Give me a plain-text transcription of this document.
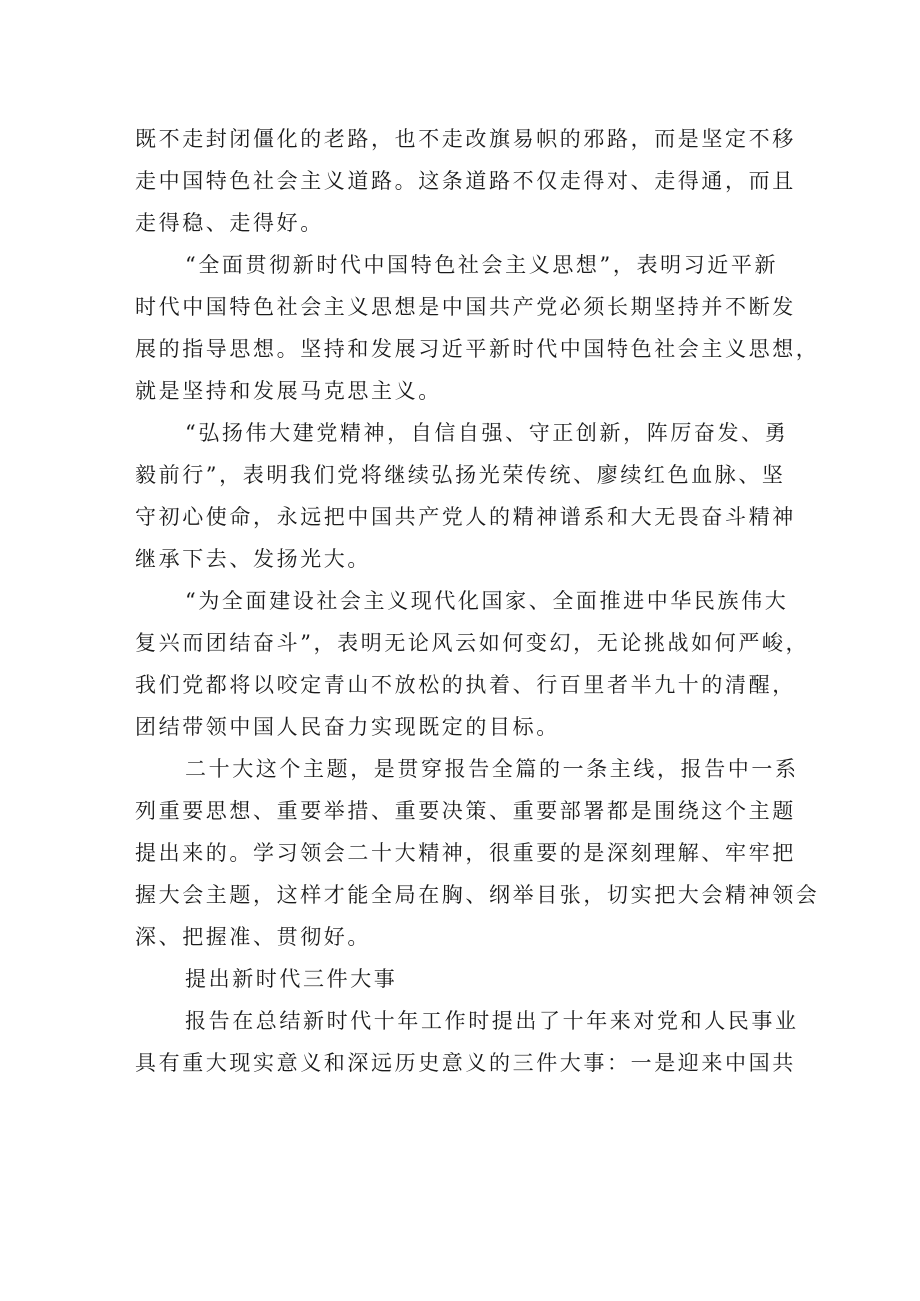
既不走封闭僵化的老路，也不走改旗易帜的邪路，而是坚定不移
走中国特色社会主义道路。这条道路不仅走得对、走得通，而且
走得稳、走得好。
“全面贯彻新时代中国特色社会主义思想”，表明习近平新
时代中国特色社会主义思想是中国共产党必须长期坚持并不断发
展的指导思想。坚持和发展习近平新时代中国特色社会主义思想，
就是坚持和发展马克思主义。
“弘扬伟大建党精神，自信自强、守正创新，阵厉奋发、勇
毅前行”，表明我们党将继续弘扬光荣传统、廖续红色血脉、坚
守初心使命，永远把中国共产党人的精神谱系和大无畏奋斗精神
继承下去、发扬光大。
“为全面建设社会主义现代化国家、全面推进中华民族伟大
复兴而团结奋斗”，表明无论风云如何变幻，无论挑战如何严峻，
我们党都将以咬定青山不放松的执着、行百里者半九十的清醒，
团结带领中国人民奋力实现既定的目标。
二十大这个主题，是贯穿报告全篇的一条主线，报告中一系
列重要思想、重要举措、重要决策、重要部署都是围绕这个主题
提出来的。学习领会二十大精神，很重要的是深刻理解、牢牢把
握大会主题，这样才能全局在胸、纲举目张，切实把大会精神领会
深、把握准、贯彻好。
提出新时代三件大事
报告在总结新时代十年工作时提出了十年来对党和人民事业
具有重大现实意义和深远历史意义的三件大事：一是迎来中国共
